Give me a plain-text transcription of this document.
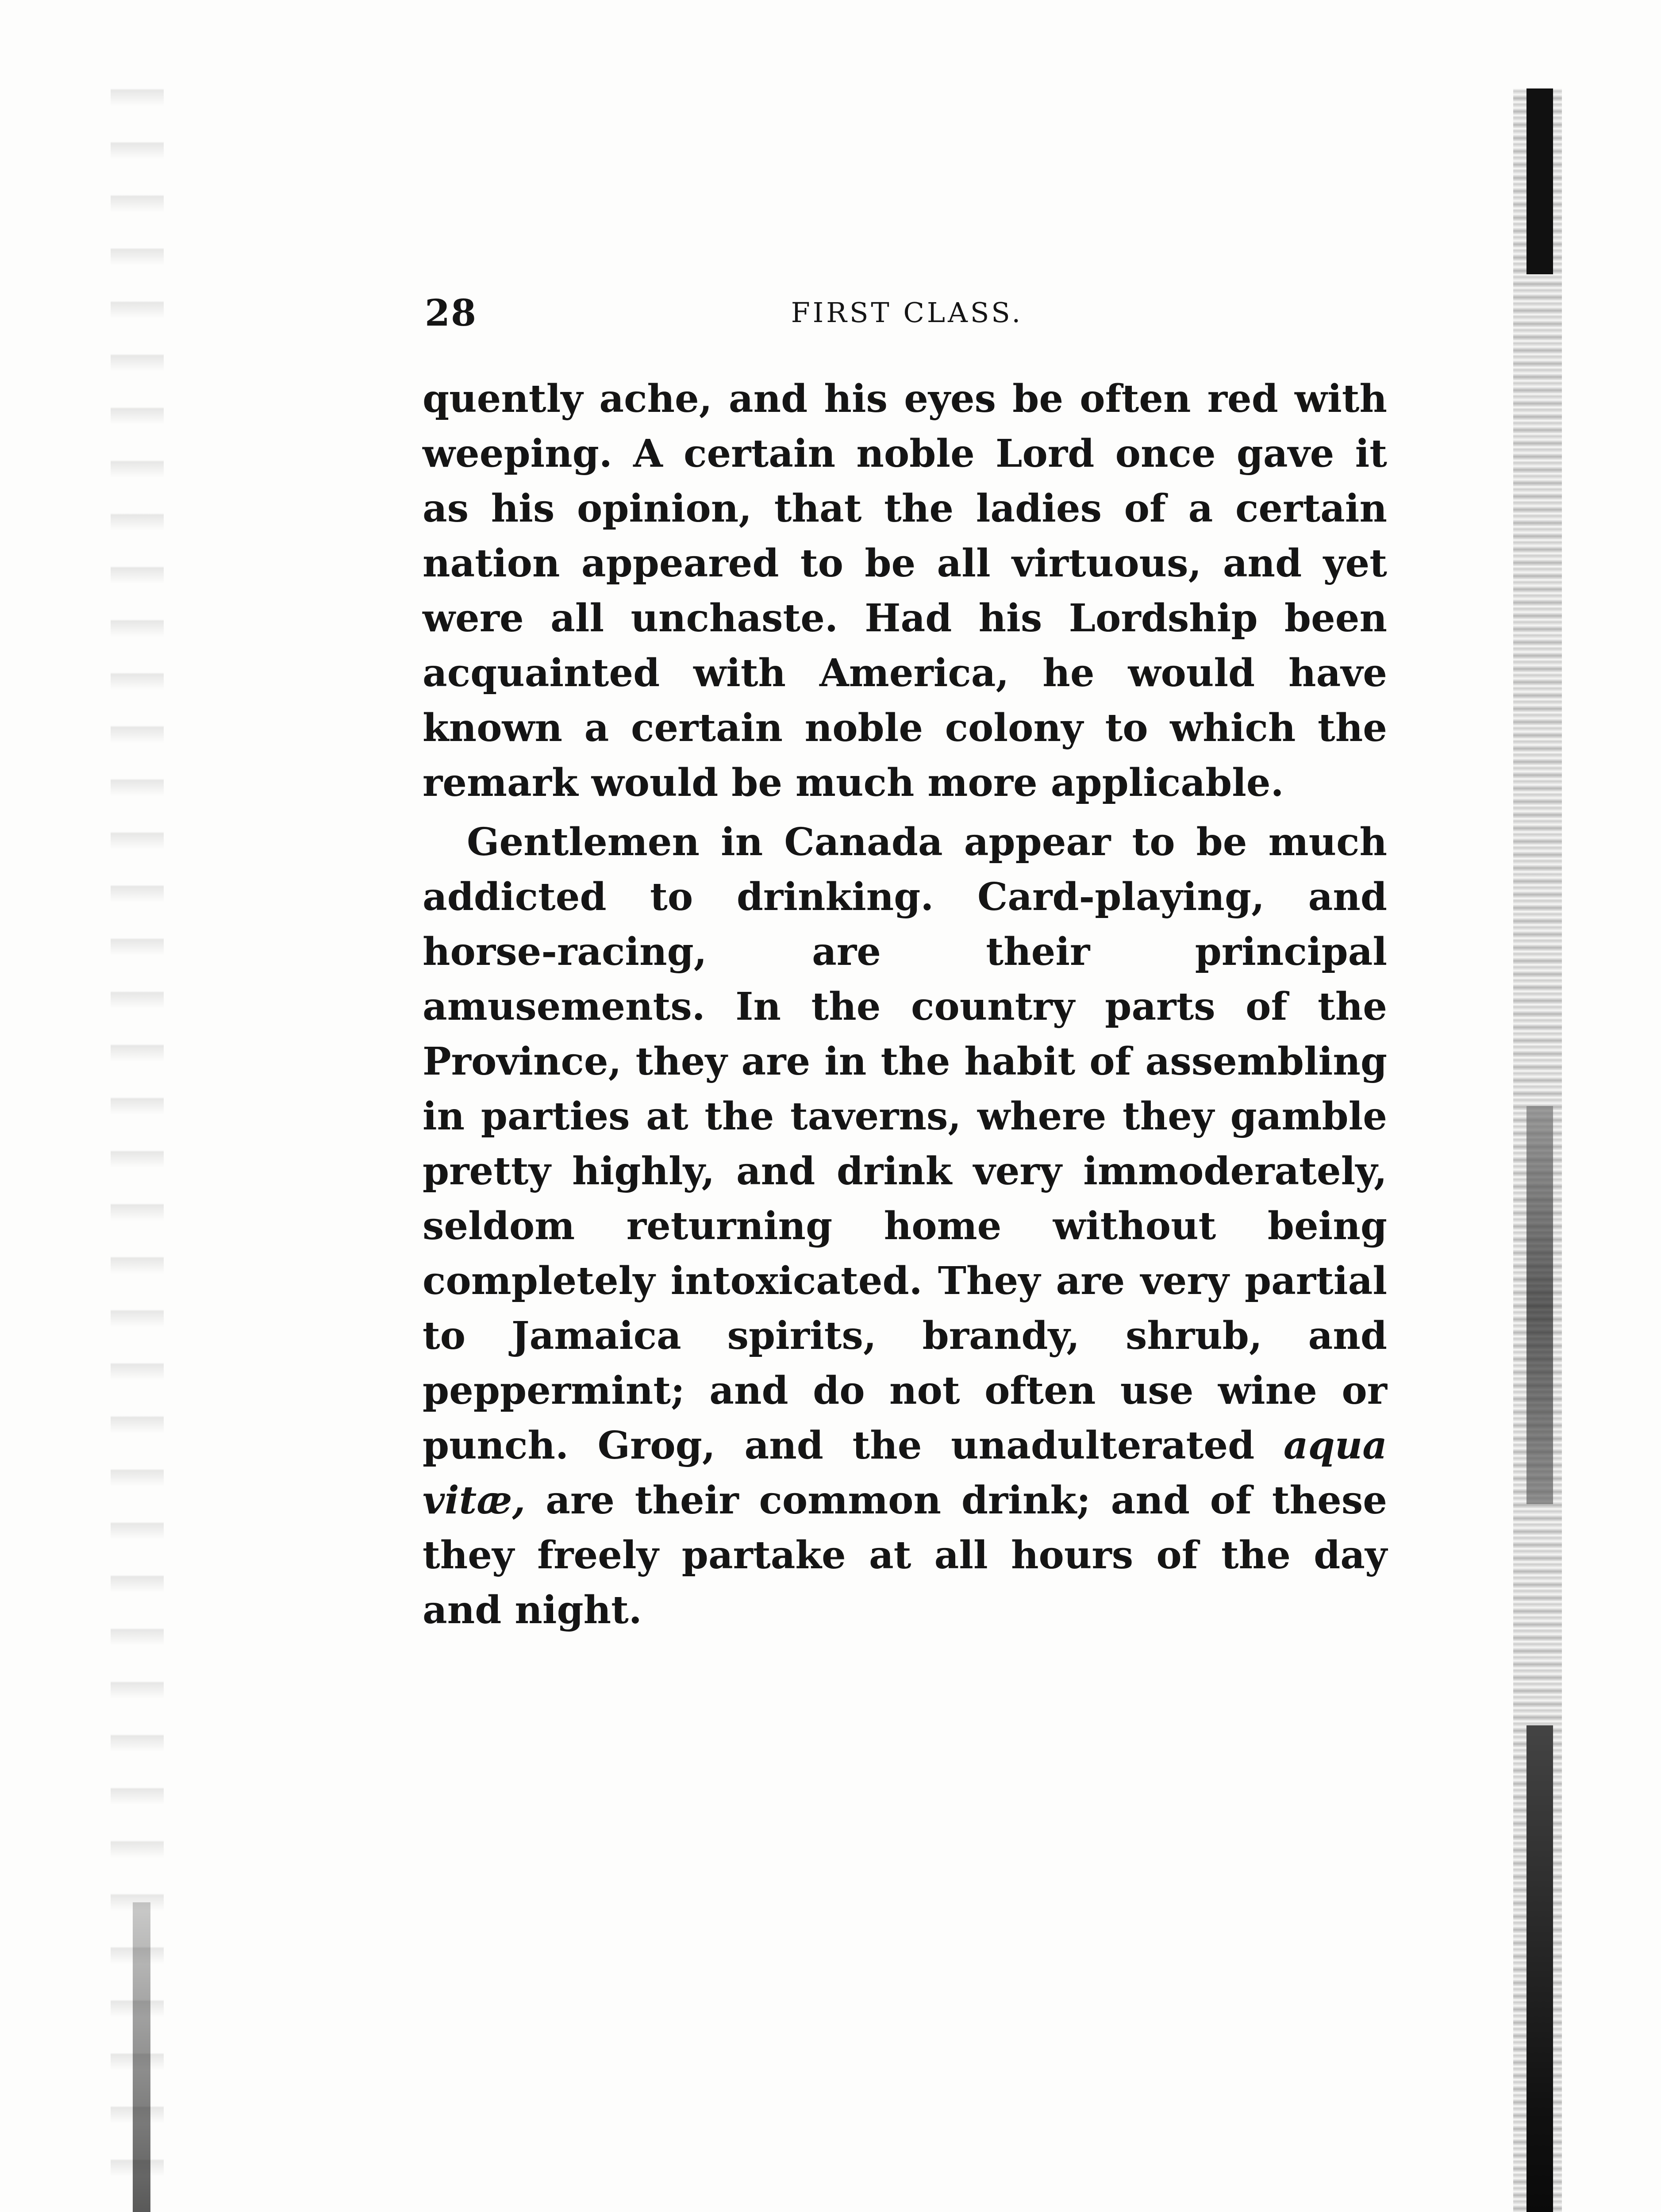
28	FIRST CLASS.

quently ache, and his eyes be often red with weeping. A certain noble Lord once gave it as his opinion, that the ladies of a certain nation appeared to be all virtuous, and yet were all unchaste. Had his Lordship been acquainted with America, he would have known a certain noble colony to which the remark would be much more applicable.

Gentlemen in Canada appear to be much addicted to drinking. Card-playing, and horse-racing, are their principal amusements. In the country parts of the Province, they are in the habit of assembling in parties at the taverns, where they gamble pretty highly, and drink very immoderately, seldom returning home without being completely intoxicated. They are very partial to Jamaica spirits, brandy, shrub, and peppermint; and do not often use wine or punch. Grog, and the unadulterated aqua vitæ, are their common drink; and of these they freely partake at all hours of the day and night.
